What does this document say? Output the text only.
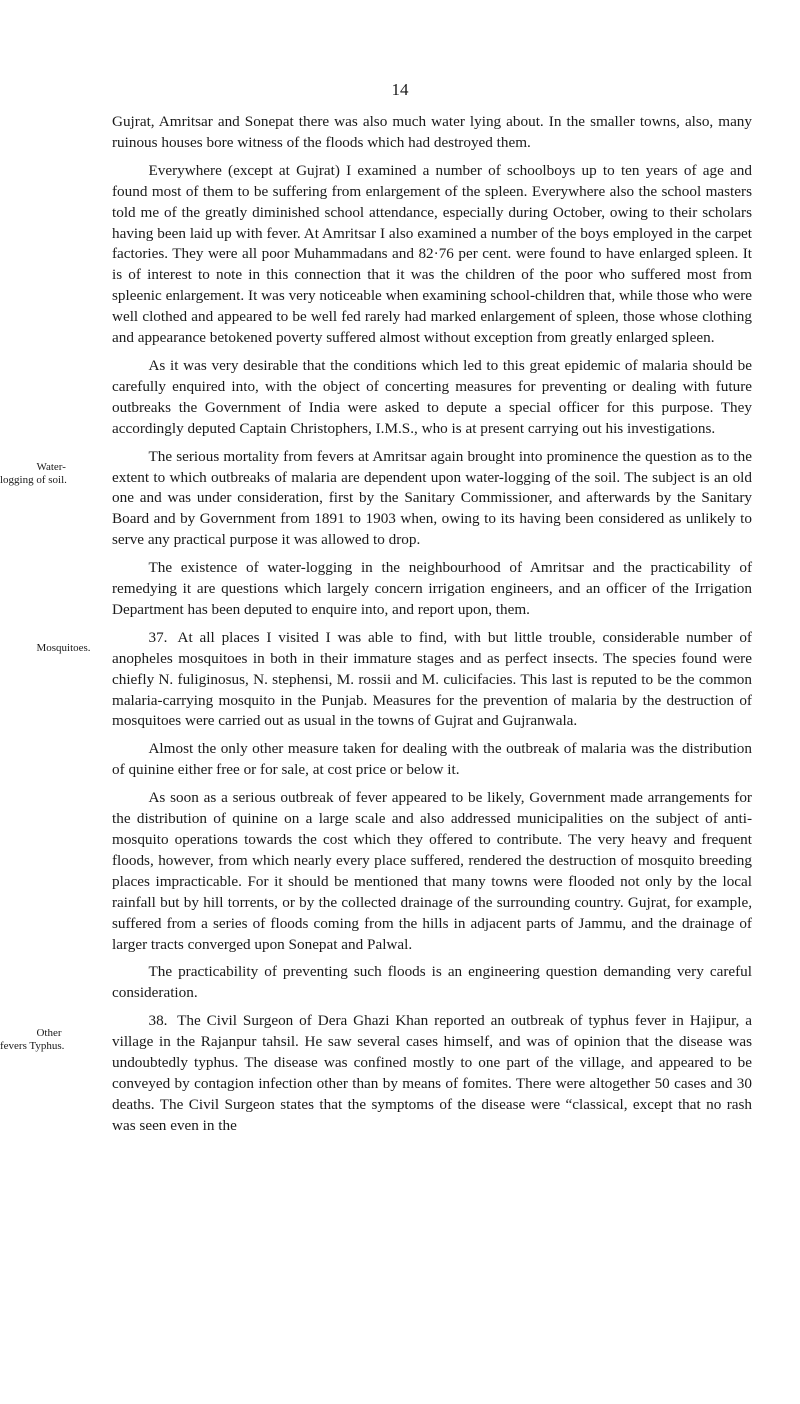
14

Gujrat, Amritsar and Sonepat there was also much water lying about. In the smaller towns, also, many ruinous houses bore witness of the floods which had destroyed them.

Everywhere (except at Gujrat) I examined a number of schoolboys up to ten years of age and found most of them to be suffering from enlargement of the spleen. Everywhere also the school masters told me of the greatly diminished school attendance, especially during October, owing to their scholars having been laid up with fever. At Amritsar I also examined a number of the boys employed in the carpet factories. They were all poor Muhammadans and 82·76 per cent. were found to have enlarged spleen. It is of interest to note in this connection that it was the children of the poor who suffered most from spleenic enlargement. It was very noticeable when examining school-children that, while those who were well clothed and appeared to be well fed rarely had marked enlargement of spleen, those whose clothing and appearance betokened poverty suffered almost without exception from greatly enlarged spleen.

As it was very desirable that the conditions which led to this great epidemic of malaria should be carefully enquired into, with the object of concerting measures for preventing or dealing with future outbreaks the Government of India were asked to depute a special officer for this purpose. They accordingly deputed Captain Christophers, I.M.S., who is at present carrying out his investigations.

Water-logging of soil.
The serious mortality from fevers at Amritsar again brought into prominence the question as to the extent to which outbreaks of malaria are dependent upon water-logging of the soil. The subject is an old one and was under consideration, first by the Sanitary Commissioner, and afterwards by the Sanitary Board and by Government from 1891 to 1903 when, owing to its having been considered as unlikely to serve any practical purpose it was allowed to drop.

The existence of water-logging in the neighbourhood of Amritsar and the practicability of remedying it are questions which largely concern irrigation engineers, and an officer of the Irrigation Department has been deputed to enquire into, and report upon, them.

Mosquitoes.
37. At all places I visited I was able to find, with but little trouble, considerable number of anopheles mosquitoes in both in their immature stages and as perfect insects. The species found were chiefly N. fuliginosus, N. stephensi, M. rossii and M. culicifacies. This last is reputed to be the common malaria-carrying mosquito in the Punjab. Measures for the prevention of malaria by the destruction of mosquitoes were carried out as usual in the towns of Gujrat and Gujranwala.

Almost the only other measure taken for dealing with the outbreak of malaria was the distribution of quinine either free or for sale, at cost price or below it.

As soon as a serious outbreak of fever appeared to be likely, Government made arrangements for the distribution of quinine on a large scale and also addressed municipalities on the subject of anti-mosquito operations towards the cost which they offered to contribute. The very heavy and frequent floods, however, from which nearly every place suffered, rendered the destruction of mosquito breeding places impracticable. For it should be mentioned that many towns were flooded not only by the local rainfall but by hill torrents, or by the collected drainage of the surrounding country. Gujrat, for example, suffered from a series of floods coming from the hills in adjacent parts of Jammu, and the drainage of larger tracts converged upon Sonepat and Palwal.

The practicability of preventing such floods is an engineering question demanding very careful consideration.

Other fevers Typhus.
38. The Civil Surgeon of Dera Ghazi Khan reported an outbreak of typhus fever in Hajipur, a village in the Rajanpur tahsil. He saw several cases himself, and was of opinion that the disease was undoubtedly typhus. The disease was confined mostly to one part of the village, and appeared to be conveyed by contagion infection other than by means of fomites. There were altogether 50 cases and 30 deaths. The Civil Surgeon states that the symptoms of the disease were “classical, except that no rash was seen even in the
